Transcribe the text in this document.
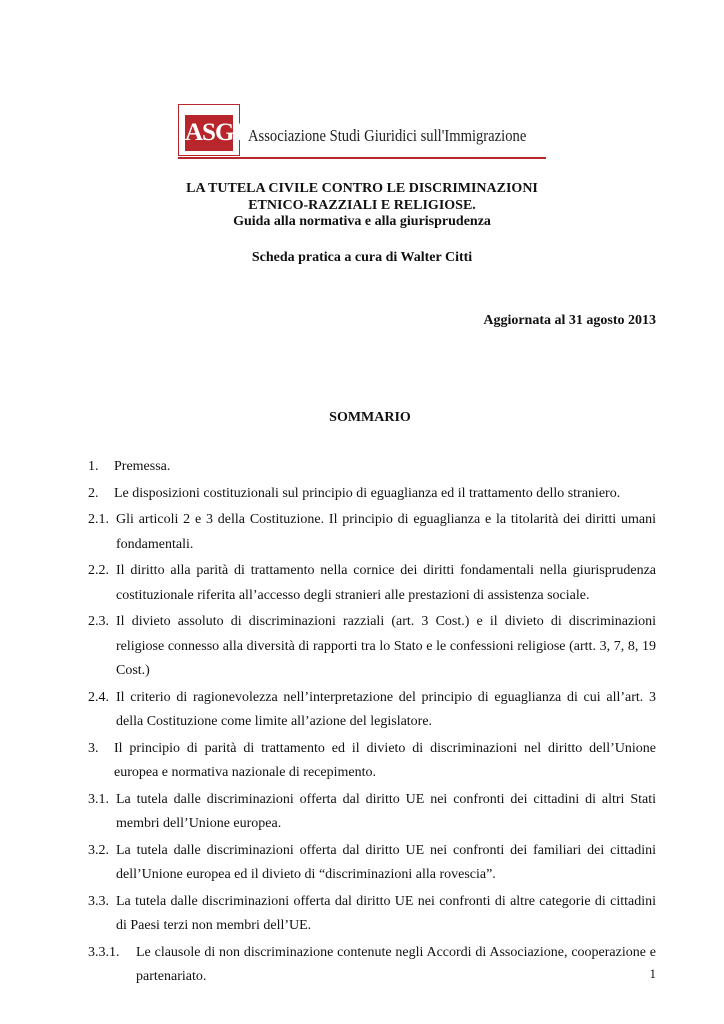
ASGI Associazione Studi Giuridici sull'Immigrazione
LA TUTELA CIVILE CONTRO LE DISCRIMINAZIONI
ETNICO-RAZZIALI E RELIGIOSE.
Guida alla normativa e alla giurisprudenza
Scheda pratica a cura di Walter Citti
Aggiornata al 31 agosto 2013
SOMMARIO
1. Premessa.
2. Le disposizioni costituzionali sul principio di eguaglianza ed il trattamento dello straniero.
2.1. Gli articoli 2 e 3 della Costituzione. Il principio di eguaglianza e la titolarità dei diritti umani fondamentali.
2.2. Il diritto alla parità di trattamento nella cornice dei diritti fondamentali nella giurisprudenza costituzionale riferita all’accesso degli stranieri alle prestazioni di assistenza sociale.
2.3. Il divieto assoluto di discriminazioni razziali (art. 3 Cost.) e il divieto di discriminazioni religiose connesso alla diversità di rapporti tra lo Stato e le confessioni religiose (artt. 3, 7, 8, 19 Cost.)
2.4. Il criterio di ragionevolezza nell’interpretazione del principio di eguaglianza di cui all’art. 3 della Costituzione come limite all’azione del legislatore.
3. Il principio di parità di trattamento ed il divieto di discriminazioni nel diritto dell’Unione europea e normativa nazionale di recepimento.
3.1. La tutela dalle discriminazioni offerta dal diritto UE nei confronti dei cittadini di altri Stati membri dell’Unione europea.
3.2. La tutela dalle discriminazioni offerta dal diritto UE nei confronti dei familiari dei cittadini dell’Unione europea ed il divieto di “discriminazioni alla rovescia”.
3.3. La tutela dalle discriminazioni offerta dal diritto UE nei confronti di altre categorie di cittadini di Paesi terzi non membri dell’UE.
3.3.1. Le clausole di non discriminazione contenute negli Accordi di Associazione, cooperazione e partenariato.	1
